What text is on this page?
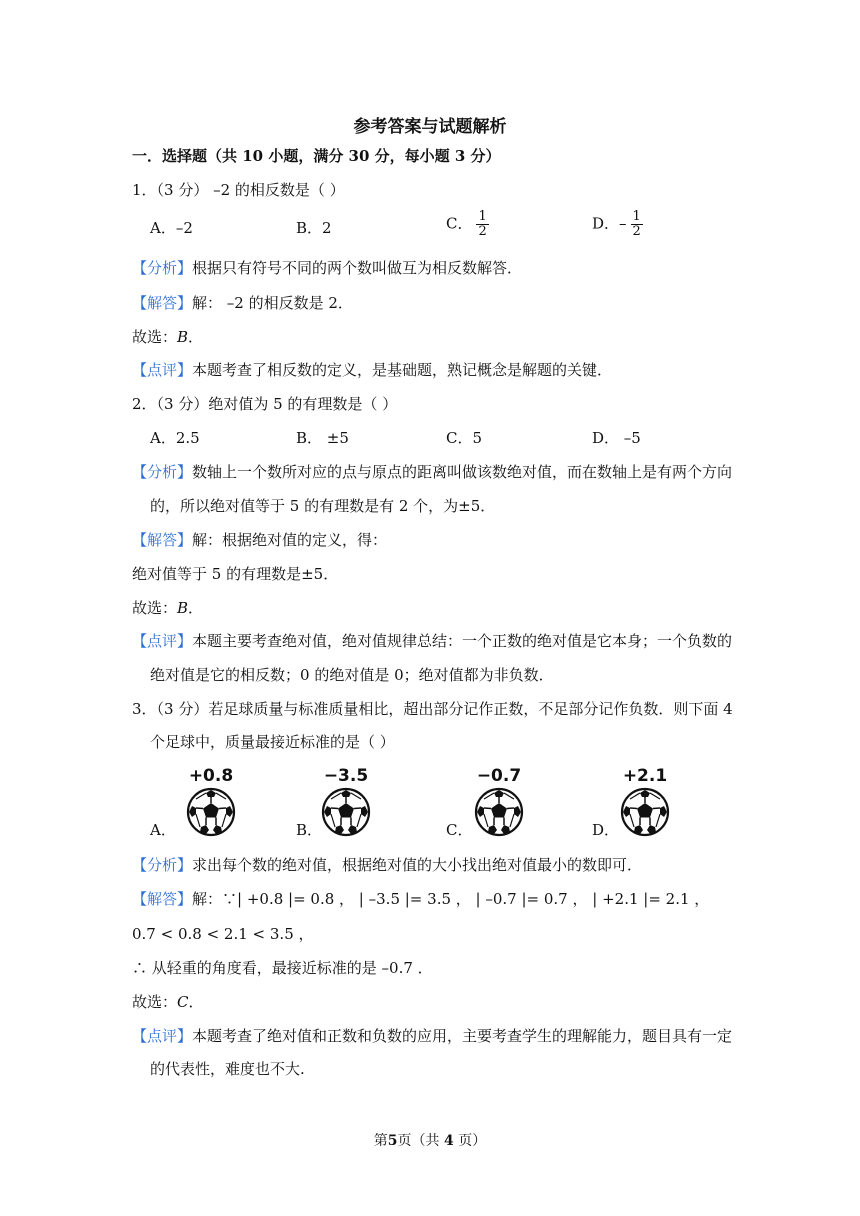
参考答案与试题解析
一．选择题（共 10 小题，满分 30 分，每小题 3 分）
1．（3 分） –2 的相反数是（ ）
A．–2	B．2	C． $\frac{1}{2}$	D．– $\frac{1}{2}$
【分析】根据只有符号不同的两个数叫做互为相反数解答．
【解答】解： –2 的相反数是 2．
故选：B．
【点评】本题考查了相反数的定义，是基础题，熟记概念是解题的关键．
2．（3 分）绝对值为 5 的有理数是（ ）
A．2.5	B． ±5	C．5	D． –5
【分析】数轴上一个数所对应的点与原点的距离叫做该数绝对值，而在数轴上是有两个方向
的，所以绝对值等于 5 的有理数是有 2 个，为±5．
【解答】解：根据绝对值的定义，得：
绝对值等于 5 的有理数是±5．
故选：B．
【点评】本题主要考查绝对值，绝对值规律总结：一个正数的绝对值是它本身；一个负数的
绝对值是它的相反数；0 的绝对值是 0；绝对值都为非负数．
3．（3 分）若足球质量与标准质量相比，超出部分记作正数，不足部分记作负数．则下面 4
个足球中，质量最接近标准的是（ ）
A．
+0.8
B．
−3.5
C．
−0.7
D．
+2.1
【分析】求出每个数的绝对值，根据绝对值的大小找出绝对值最小的数即可．
【解答】解：∵| +0.8 |= 0.8 ， | –3.5 |= 3.5 ， | –0.7 |= 0.7 ， | +2.1 |= 2.1 ，
0.7 < 0.8 < 2.1 < 3.5 ，
∴ 从轻重的角度看，最接近标准的是 –0.7 ．
故选：C．
【点评】本题考查了绝对值和正数和负数的应用，主要考查学生的理解能力，题目具有一定
的代表性，难度也不大.
第5页（共 4 页）
